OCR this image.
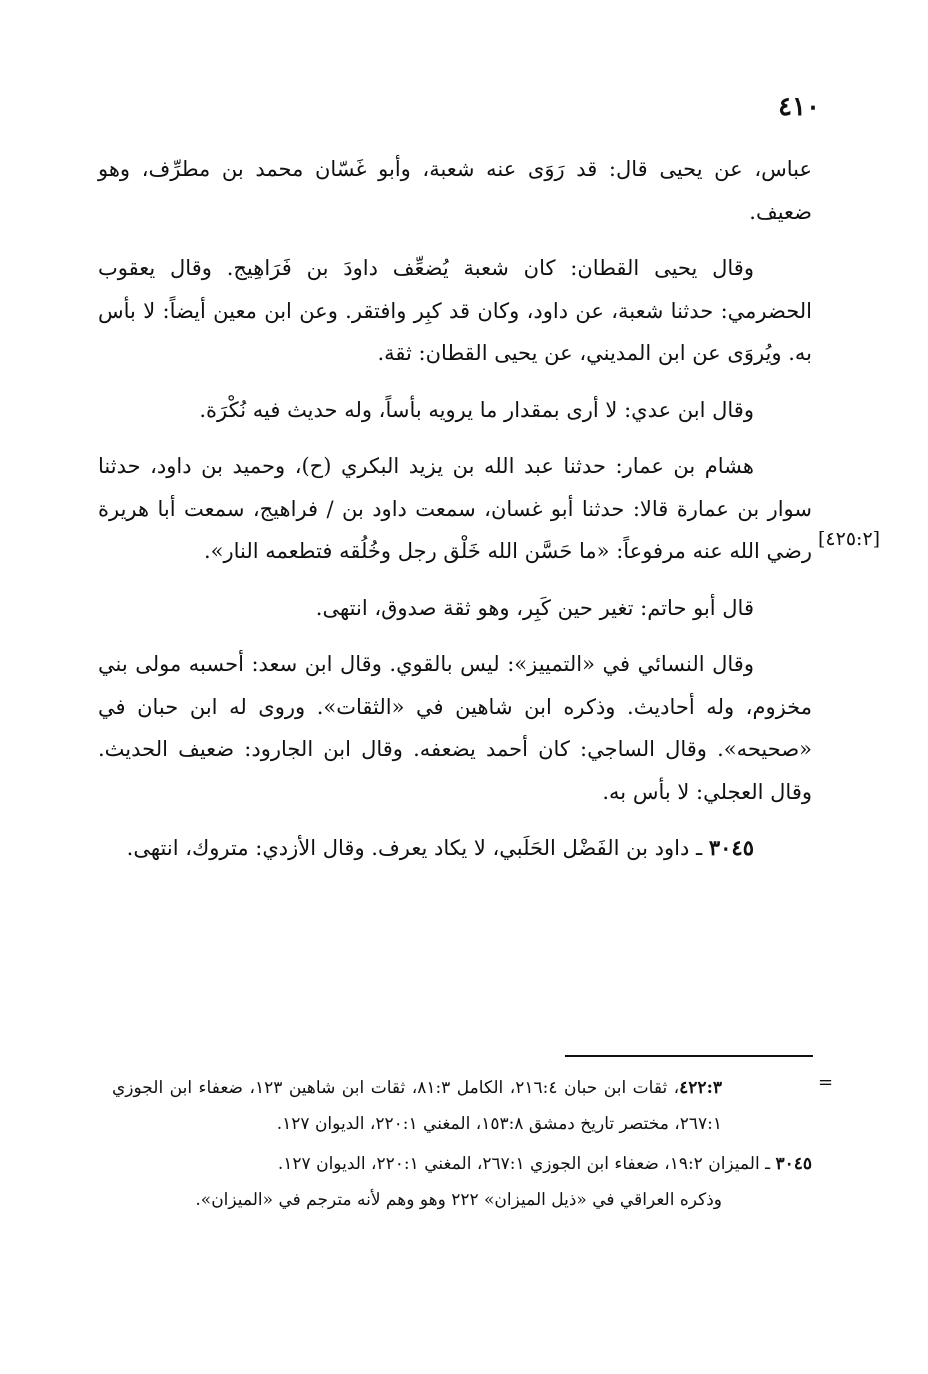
٤١٠

عباس، عن يحيى قال: قد رَوَى عنه شعبة، وأبو غَسّان محمد بن مطرِّف، وهو ضعيف.

وقال يحيى القطان: كان شعبة يُضعِّف داودَ بن فَرَاهِيج. وقال يعقوب الحضرمي: حدثنا شعبة، عن داود، وكان قد كبِر وافتقر. وعن ابن معين أيضاً: لا بأس به. ويُروَى عن ابن المديني، عن يحيى القطان: ثقة.

وقال ابن عدي: لا أرى بمقدار ما يرويه بأساً، وله حديث فيه نُكْرَة.

هشام بن عمار: حدثنا عبد الله بن يزيد البكري (ح)، وحميد بن داود، حدثنا سوار بن عمارة قالا: حدثنا أبو غسان، سمعت داود بن / فراهيج، سمعت أبا هريرة رضي الله عنه مرفوعاً: «ما حَسَّن الله خَلْق رجل وخُلُقه فتطعمه النار».

قال أبو حاتم: تغير حين كَبِر، وهو ثقة صدوق، انتهى.

وقال النسائي في «التمييز»: ليس بالقوي. وقال ابن سعد: أحسبه مولى بني مخزوم، وله أحاديث. وذكره ابن شاهين في «الثقات». وروى له ابن حبان في «صحيحه». وقال الساجي: كان أحمد يضعفه. وقال ابن الجارود: ضعيف الحديث. وقال العجلي: لا بأس به.

٣٠٤٥ ـ داود بن الفَضْل الحَلَبي، لا يكاد يعرف. وقال الأزدي: متروك، انتهى.

[٤٢٥:٢]
=

٤٢٢:٣، ثقات ابن حبان ٢١٦:٤، الكامل ٨١:٣، ثقات ابن شاهين ١٢٣، ضعفاء ابن الجوزي ٢٦٧:١، مختصر تاريخ دمشق ١٥٣:٨، المغني ٢٢٠:١، الديوان ١٢٧.

٣٠٤٥ ـ الميزان ١٩:٢، ضعفاء ابن الجوزي ٢٦٧:١، المغني ٢٢٠:١، الديوان ١٢٧.
وذكره العراقي في «ذيل الميزان» ٢٢٢ وهو وهم لأنه مترجم في «الميزان».
